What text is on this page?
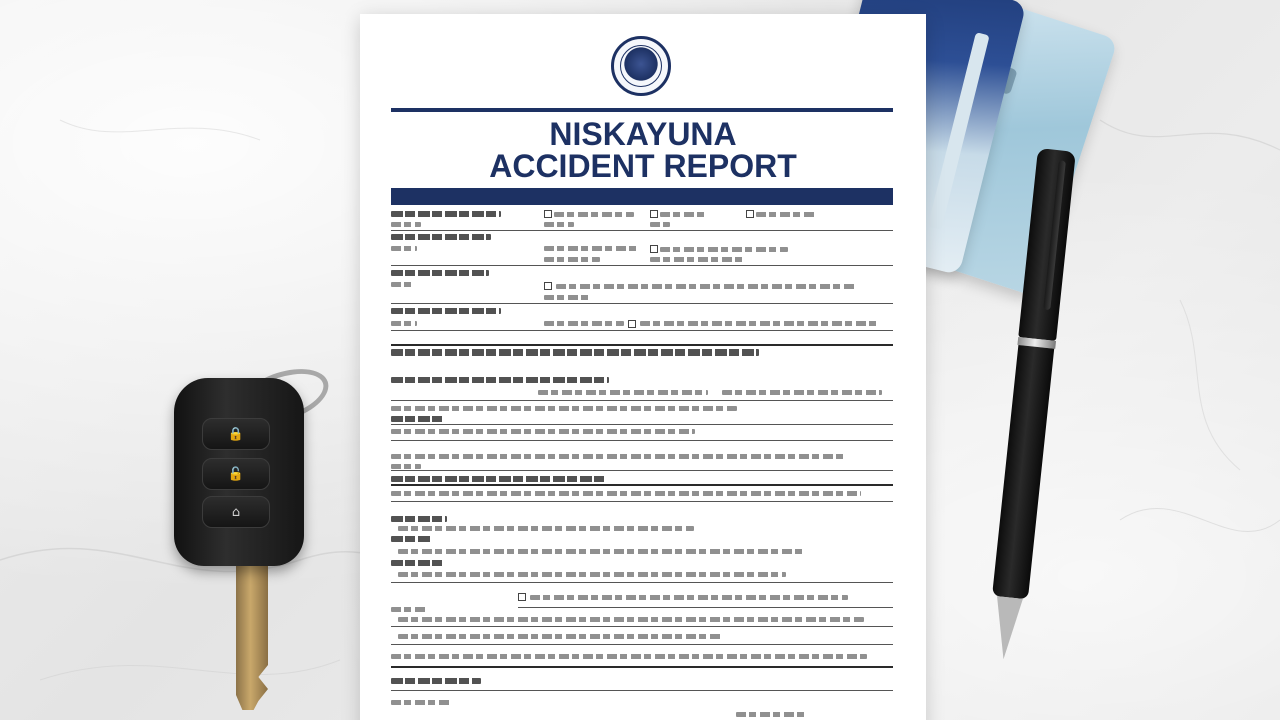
NISKAYUNA
ACCIDENT REPORT
🔒
🔓
⌂
